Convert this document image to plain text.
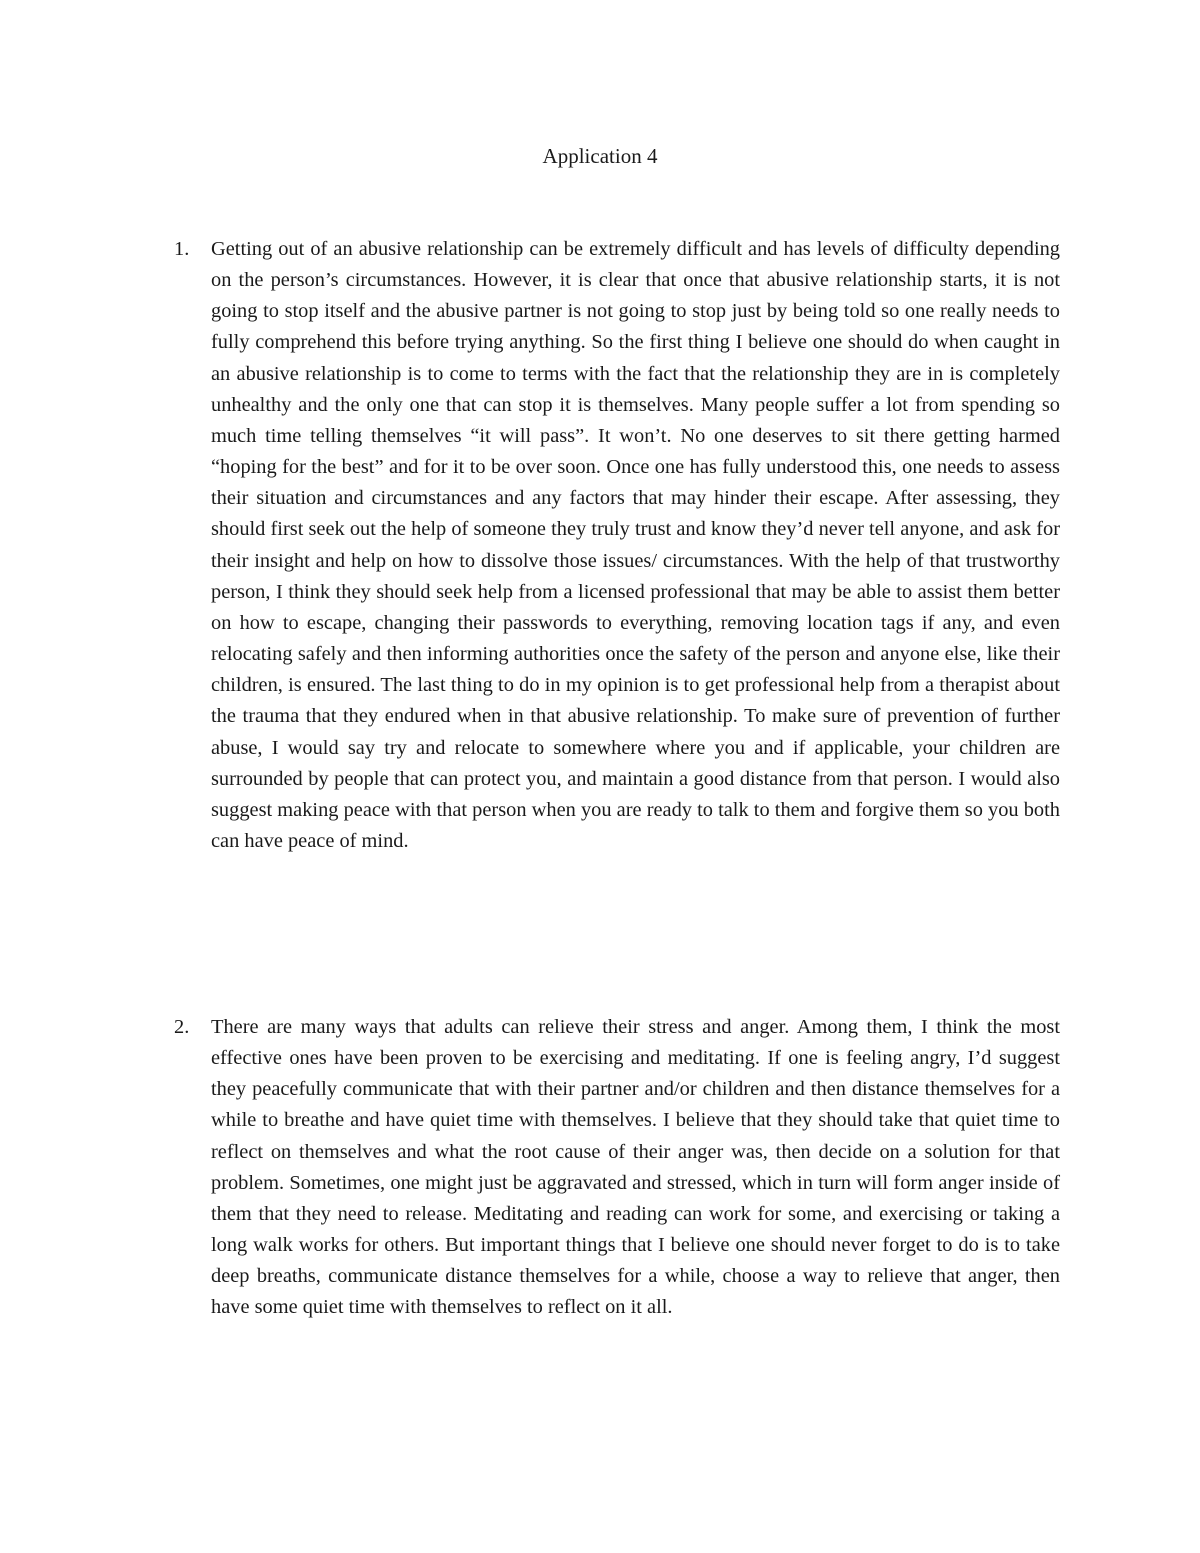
Application 4
1.	Getting out of an abusive relationship can be extremely difficult and has levels of difficulty depending on the person’s circumstances. However, it is clear that once that abusive relationship starts, it is not going to stop itself and the abusive partner is not going to stop just by being told so one really needs to fully comprehend this before trying anything. So the first thing I believe one should do when caught in an abusive relationship is to come to terms with the fact that the relationship they are in is completely unhealthy and the only one that can stop it is themselves. Many people suffer a lot from spending so much time telling themselves “it will pass”. It won’t. No one deserves to sit there getting harmed “hoping for the best” and for it to be over soon. Once one has fully understood this, one needs to assess their situation and circumstances and any factors that may hinder their escape. After assessing, they should first seek out the help of someone they truly trust and know they’d never tell anyone, and ask for their insight and help on how to dissolve those issues/ circumstances. With the help of that trustworthy person, I think they should seek help from a licensed professional that may be able to assist them better on how to escape, changing their passwords to everything, removing location tags if any, and even relocating safely and then informing authorities once the safety of the person and anyone else, like their children, is ensured. The last thing to do in my opinion is to get professional help from a therapist about the trauma that they endured when in that abusive relationship. To make sure of prevention of further abuse, I would say try and relocate to somewhere where you and if applicable, your children are surrounded by people that can protect you, and maintain a good distance from that person. I would also suggest making peace with that person when you are ready to talk to them and forgive them so you both can have peace of mind.

2.	There are many ways that adults can relieve their stress and anger. Among them, I think the most effective ones have been proven to be exercising and meditating. If one is feeling angry, I’d suggest they peacefully communicate that with their partner and/or children and then distance themselves for a while to breathe and have quiet time with themselves. I believe that they should take that quiet time to reflect on themselves and what the root cause of their anger was, then decide on a solution for that problem. Sometimes, one might just be aggravated and stressed, which in turn will form anger inside of them that they need to release. Meditating and reading can work for some, and exercising or taking a long walk works for others. But important things that I believe one should never forget to do is to take deep breaths, communicate distance themselves for a while, choose a way to relieve that anger, then have some quiet time with themselves to reflect on it all.
